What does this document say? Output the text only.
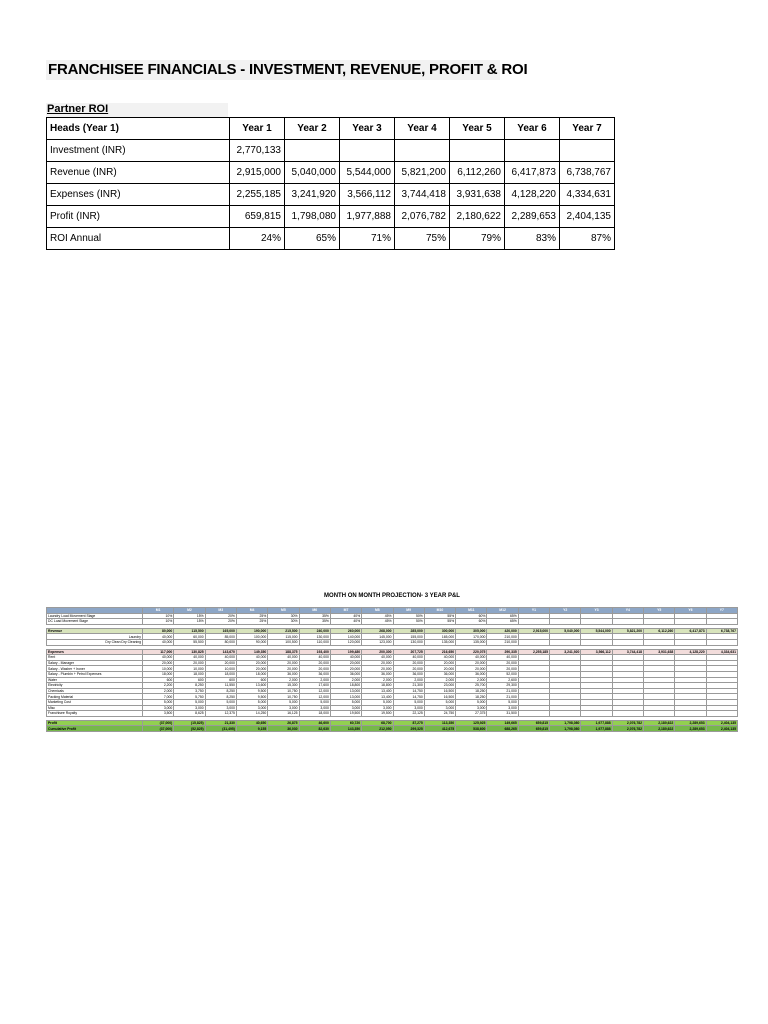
FRANCHISEE FINANCIALS - INVESTMENT, REVENUE, PROFIT & ROI
Partner ROI
Heads (Year 1)	Year 1	Year 2	Year 3	Year 4	Year 5	Year 6	Year 7
Investment (INR)	2,770,133						
Revenue (INR)	2,915,000	5,040,000	5,544,000	5,821,200	6,112,260	6,417,873	6,738,767
Expenses (INR)	2,255,185	3,241,920	3,566,112	3,744,418	3,931,638	4,128,220	4,334,631
Profit (INR)	659,815	1,798,080	1,977,888	2,076,782	2,180,622	2,289,653	2,404,135
ROI Annual	24%	65%	71%	75%	79%	83%	87%
MONTH ON MONTH PROJECTION- 3 YEAR P&L
	M1	M2	M3	M4	M5	M6	M7	M8	M9	M10	M11	M12	Y1	Y2	Y3	Y4	Y5	Y6	Y7
Laundry Load Movement Stage	10%	15%	20%	25%	30%	35%	40%	45%	50%	55%	60%	65%							
DC Load Movement Stage	10%	15%	20%	25%	30%	35%	40%	45%	50%	55%	60%	65%							

Revenue	80,000	115,500	165,000	190,000	215,500	240,000	260,000	268,000	285,000	300,000	305,000	420,000	2,915,000	5,040,000	5,544,000	5,821,200	6,112,260	6,417,873	6,738,767
Laundry	40,000	60,000	85,000	100,000	115,000	130,000	140,000	145,000	155,000	165,000	170,000	210,000							
Dry Clean Dry Cleaning	40,000	55,500	80,000	90,000	100,500	110,000	120,000	123,000	130,000	135,000	135,000	210,000							

Expenses	117,000	130,825	143,670	149,350	188,375	193,400	199,480	200,300	207,725	216,650	220,075	290,335	2,255,185	3,241,920	3,566,112	3,744,418	3,931,638	4,128,220	4,334,631
Rent	40,000	40,000	40,000	40,000	40,000	40,000	40,000	40,000	40,000	40,000	40,000	40,000							
Salary - Manager	20,000	20,000	20,000	20,000	20,000	20,000	20,000	20,000	20,000	20,000	20,000	20,000							
Salary - Washer + Ironer	10,000	10,000	10,000	20,000	20,000	20,000	20,000	20,000	20,000	20,000	20,000	20,000							
Salary - Plumbin + Petrol Expenses	18,000	18,000	18,000	18,000	36,000	36,000	36,000	36,000	36,000	36,000	36,000	52,000							
Water	600	600	600	600	2,000	2,000	2,000	2,000	2,000	2,000	2,000	2,600							
Electricity	2,200	8,250	11,550	13,600	15,300	17,600	18,800	18,800	21,300	23,000	25,700	29,300							
Chemicals	2,000	3,750	8,250	9,500	10,750	12,000	13,000	13,400	14,750	16,500	18,250	21,000							
Packing Material	7,000	5,750	8,250	9,500	10,750	12,000	13,000	13,400	14,750	16,500	18,250	21,000							
Marketing Cost	5,000	5,000	5,000	5,000	5,000	5,000	5,000	5,000	5,000	5,000	5,000	5,000							
Misc	3,000	3,000	3,000	3,000	3,000	3,000	3,000	3,000	3,000	3,000	3,000	3,000							
Franchisee Royalty	3,500	8,625	12,375	14,250	16,125	18,000	19,500	19,500	22,125	24,750	27,375	31,500							

Profit	(37,000)	(15,825)	21,330	40,650	26,875	46,600	60,720	68,700	87,275	113,350	125,925	149,665	659,815	1,798,080	1,977,888	2,076,782	2,180,622	2,289,653	2,404,135
Cumulative Profit	(37,000)	(52,825)	(31,495)	9,155	36,030	82,630	143,350	212,050	299,325	412,675	538,600	688,265	659,815	1,798,080	1,977,888	2,076,782	2,180,622	2,289,653	2,404,135
